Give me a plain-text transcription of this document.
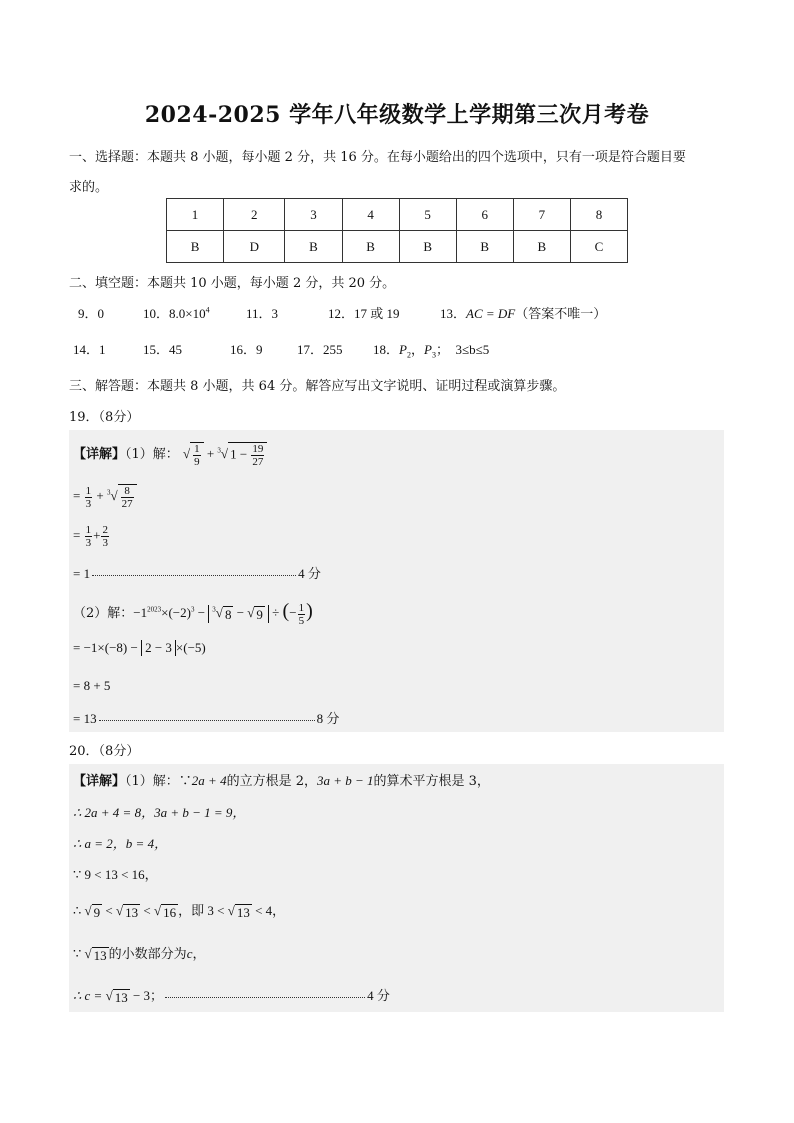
2024-2025 学年八年级数学上学期第三次月考卷
一、选择题：本题共 8 小题，每小题 2 分，共 16 分。在每小题给出的四个选项中，只有一项是符合题目要
求的。
1	2	3	4	5	6	7	8
B	D	B	B	B	B	B	C
二、填空题：本题共 10 小题，每小题 2 分，共 20 分。
9．0	10．$8.0\times 10^4$	11．3	12．17 或 19	13．AC = DF（答案不唯一）
14．1	15．45	16．9	17．255 18．$P_2$，$P_3$；  3≤b≤5
三、解答题：本题共 8 小题，共 64 分。解答应写出文字说明、证明过程或演算步骤。
19．（8分）
【详解】（1）解： √ $\frac{1}{9} + ^3√$ $1 - \frac{19}{27}$
= $\frac{1}{3} + ^3√ \frac{8}{27}$
= $\frac{1}{3} + \frac{2}{3}$
= 1	4 分
（2）解：$-1^{2023}\times(-2)^3 - ^3√$ 8 − √ 9 ÷ (− $\frac{1}{5}$ )
= −1×(−8) − 2 − 3 ×(−5)
= 8 + 5
= 13	8 分
20．（8分）
【详解】（1）解：∵2a + 4的立方根是 2，3a + b − 1的算术平方根是 3，
∴ 2a + 4 = 8，3a + b − 1 = 9，
∴ a = 2，b = 4，
∵ 9 < 13 < 16，
∴ √ 9 < √ 13 < √ 16 ，即 3 < √ 13 < 4，
∵ √ 13 的小数部分为c，
∴ c = √ 13 − 3；	4 分
